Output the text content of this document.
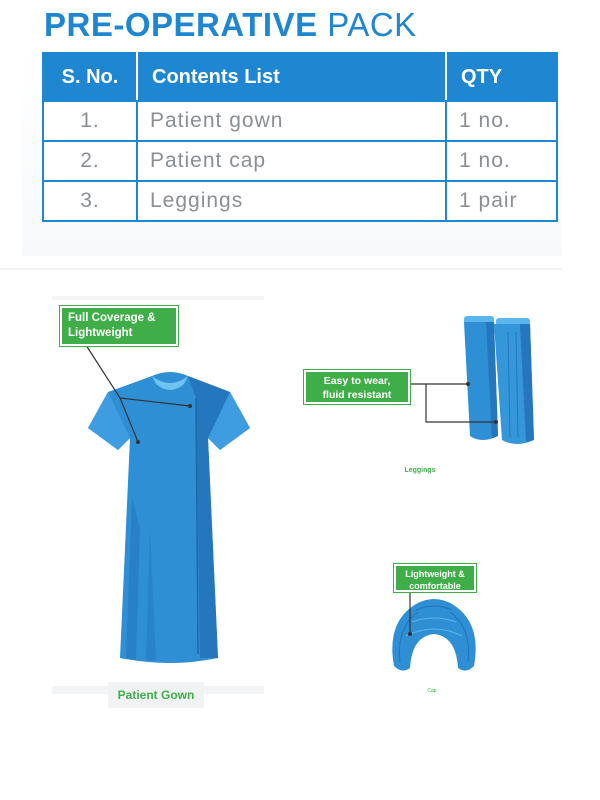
PRE-OPERATIVE PACK
S. No.	Contents List	QTY
1.	Patient gown	1 no.
2.	Patient cap	1 no.
3.	Leggings	1 pair
Full Coverage &
Lightweight
Patient Gown
Easy to wear,
fluid resistant
Leggings
Lightweight &
comfortable
Cap
